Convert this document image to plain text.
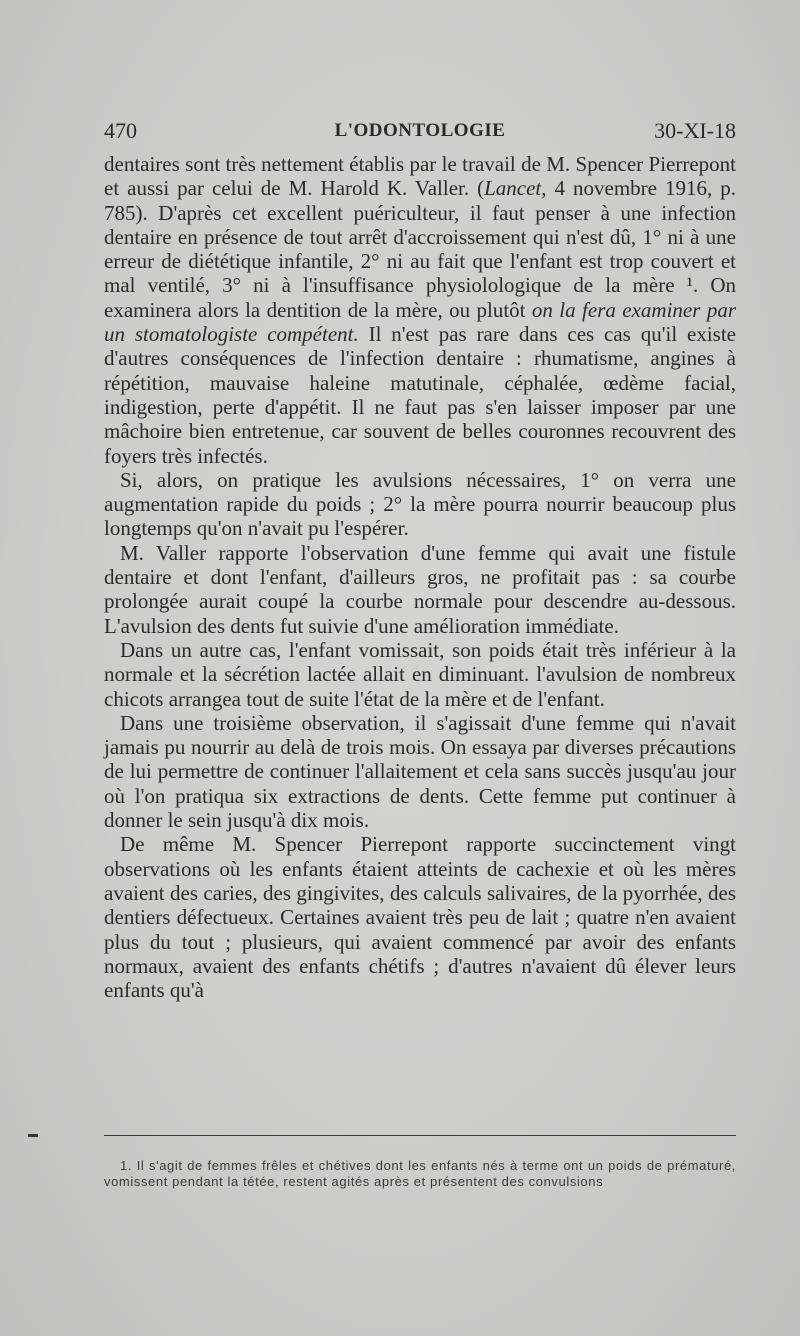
470	L'ODONTOLOGIE	30-XI-18

dentaires sont très nettement établis par le travail de M. Spencer Pierrepont et aussi par celui de M. Harold K. Valler. (Lancet, 4 novembre 1916, p. 785). D'après cet excellent puériculteur, il faut penser à une infection dentaire en présence de tout arrêt d'accroissement qui n'est dû, 1° ni à une erreur de diététique infantile, 2° ni au fait que l'enfant est trop couvert et mal ventilé, 3° ni à l'insuffisance physiolologique de la mère ¹. On examinera alors la dentition de la mère, ou plutôt on la fera examiner par un stomatologiste compétent. Il n'est pas rare dans ces cas qu'il existe d'autres conséquences de l'infection dentaire : rhumatisme, angines à répétition, mauvaise haleine matutinale, céphalée, œdème facial, indigestion, perte d'appétit. Il ne faut pas s'en laisser imposer par une mâchoire bien entretenue, car souvent de belles couronnes recouvrent des foyers très infectés.

Si, alors, on pratique les avulsions nécessaires, 1° on verra une augmentation rapide du poids ; 2° la mère pourra nourrir beaucoup plus longtemps qu'on n'avait pu l'espérer.

M. Valler rapporte l'observation d'une femme qui avait une fistule dentaire et dont l'enfant, d'ailleurs gros, ne profitait pas : sa courbe prolongée aurait coupé la courbe normale pour descendre au-dessous. L'avulsion des dents fut suivie d'une amélioration immédiate.

Dans un autre cas, l'enfant vomissait, son poids était très inférieur à la normale et la sécrétion lactée allait en diminuant. l'avulsion de nombreux chicots arrangea tout de suite l'état de la mère et de l'enfant.

Dans une troisième observation, il s'agissait d'une femme qui n'avait jamais pu nourrir au delà de trois mois. On essaya par diverses précautions de lui permettre de continuer l'allaitement et cela sans succès jusqu'au jour où l'on pratiqua six extractions de dents. Cette femme put continuer à donner le sein jusqu'à dix mois.

De même M. Spencer Pierrepont rapporte succinctement vingt observations où les enfants étaient atteints de cachexie et où les mères avaient des caries, des gingivites, des calculs salivaires, de la pyorrhée, des dentiers défectueux. Certaines avaient très peu de lait ; quatre n'en avaient plus du tout ; plusieurs, qui avaient commencé par avoir des enfants normaux, avaient des enfants chétifs ; d'autres n'avaient dû élever leurs enfants qu'à

1. Il s'agit de femmes frêles et chétives dont les enfants nés à terme ont un poids de prématuré, vomissent pendant la tétée, restent agités après et présentent des convulsions
